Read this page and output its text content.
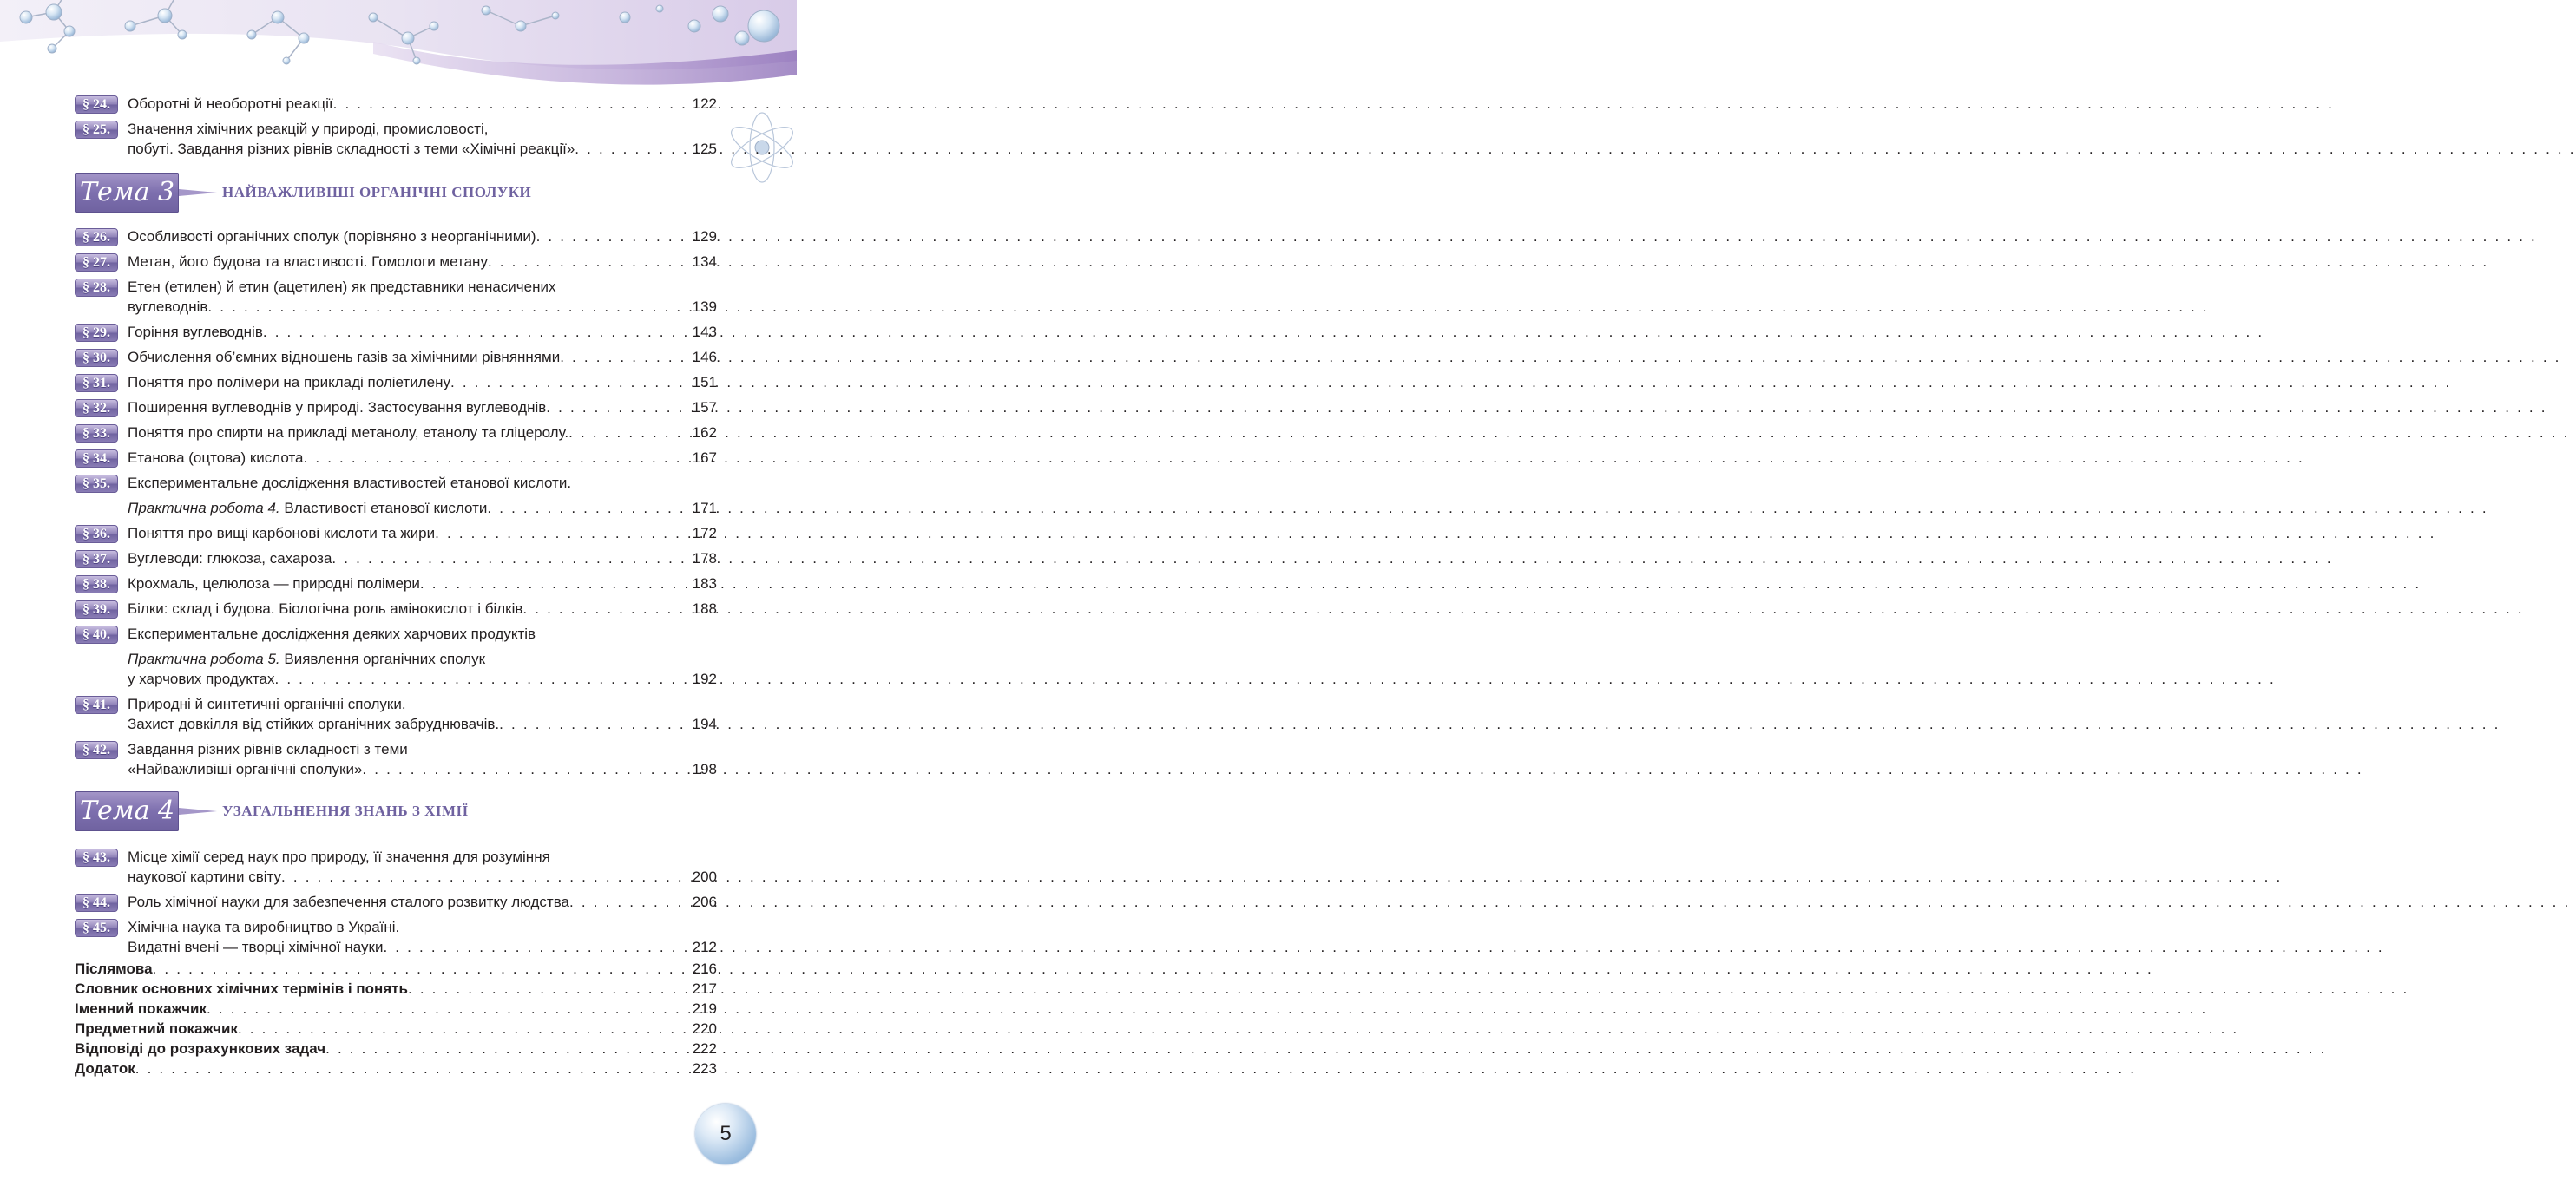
§ 24.	Оборотні й необоротні реакції . . .	122
§ 25.	Значення хімічних реакцій у природі, промисловості,
побуті. Завдання різних рівнів складності з теми «Хімічні реакції» . . .	125
Тема 3	НАЙВАЖЛИВІШІ ОРГАНІЧНІ СПОЛУКИ
§ 26.	Особливості органічних сполук (порівняно з неорганічними) . . .	129
§ 27.	Метан, його будова та властивості. Гомологи метану . . .	134
§ 28.	Етен (етилен) й етин (ацетилен) як представники ненасичених
вуглеводнів . . .	139
§ 29.	Горіння вуглеводнів . . .	143
§ 30.	Обчислення об’ємних відношень газів за хімічними рівняннями . . .	146
§ 31.	Поняття про полімери на прикладі поліетилену . . .	151
§ 32.	Поширення вуглеводнів у природі. Застосування вуглеводнів . . .	157
§ 33.	Поняття про спирти на прикладі метанолу, етанолу та гліцеролу. . . .	162
§ 34.	Етанова (оцтова) кислота . . .	167
§ 35.	Експериментальне дослідження властивостей етанової кислоти.
Практична робота 4. Властивості етанової кислоти . . .	171
§ 36.	Поняття про вищі карбонові кислоти та жири . . .	172
§ 37.	Вуглеводи: глюкоза, сахароза . . .	178
§ 38.	Крохмаль, целюлоза — природні полімери . . .	183
§ 39.	Білки: склад і будова. Біологічна роль амінокислот і білків . . .	188
§ 40.	Експериментальне дослідження деяких харчових продуктів
Практична робота 5. Виявлення органічних сполук
у харчових продуктах . . .	192
§ 41.	Природні й синтетичні органічні сполуки.
Захист довкілля від стійких органічних забруднювачів. . . .	194
§ 42.	Завдання різних рівнів складності з теми
«Найважливіші органічні сполуки» . . .	198
Тема 4	УЗАГАЛЬНЕННЯ ЗНАНЬ З ХІМІЇ
§ 43.	Місце хімії серед наук про природу, її значення для розуміння
наукової картини світу . . .	200
§ 44.	Роль хімічної науки для забезпечення сталого розвитку людства . . .	206
§ 45.	Хімічна наука та виробництво в Україні.
Видатні вчені — творці хімічної науки . . .	212
Післямова . . .	216
Словник основних хімічних термінів і понять . . .	217
Іменний покажчик . . .	219
Предметний покажчик . . .	220
Відповіді до розрахункових задач . . .	222
Додаток . . .	223
5
